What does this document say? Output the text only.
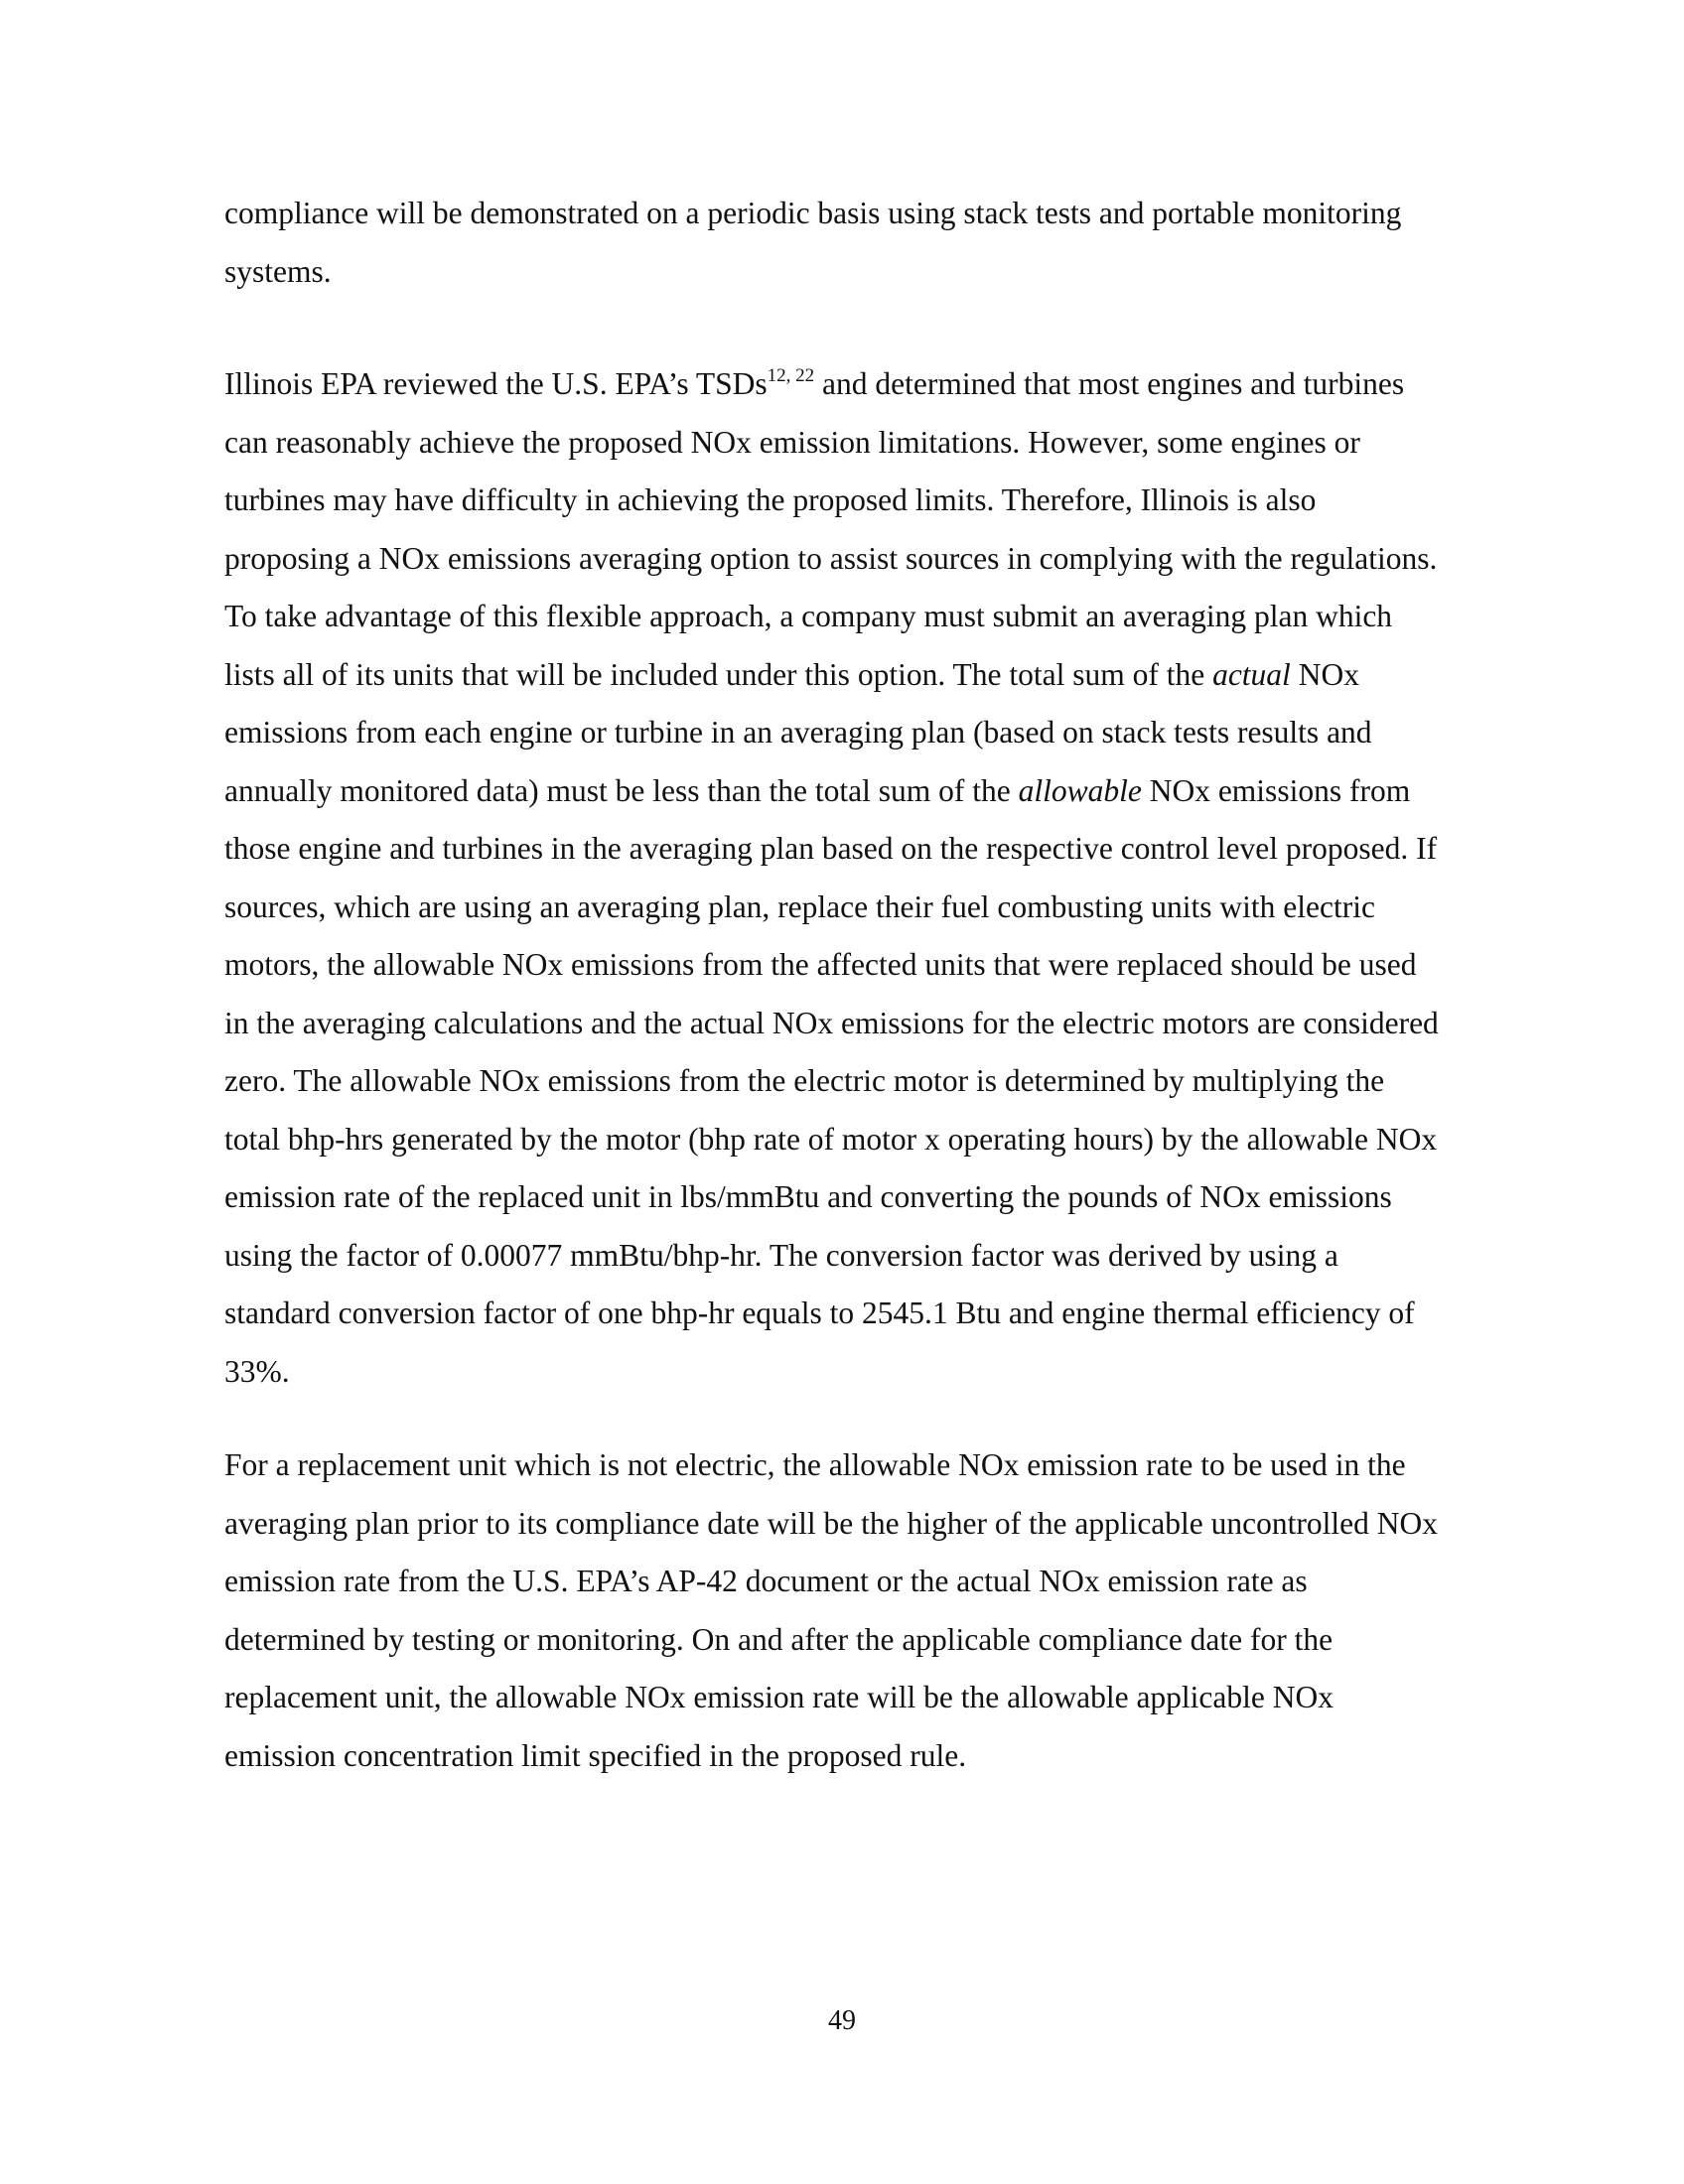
compliance will be demonstrated on a periodic basis using stack tests and portable monitoring
systems.

Illinois EPA reviewed the U.S. EPA’s TSDs$^{12, 22}$ and determined that most engines and turbines
can reasonably achieve the proposed NOx emission limitations. However, some engines or
turbines may have difficulty in achieving the proposed limits. Therefore, Illinois is also
proposing a NOx emissions averaging option to assist sources in complying with the regulations.
To take advantage of this flexible approach, a company must submit an averaging plan which
lists all of its units that will be included under this option. The total sum of the actual NOx
emissions from each engine or turbine in an averaging plan (based on stack tests results and
annually monitored data) must be less than the total sum of the allowable NOx emissions from
those engine and turbines in the averaging plan based on the respective control level proposed. If
sources, which are using an averaging plan, replace their fuel combusting units with electric
motors, the allowable NOx emissions from the affected units that were replaced should be used
in the averaging calculations and the actual NOx emissions for the electric motors are considered
zero. The allowable NOx emissions from the electric motor is determined by multiplying the
total bhp-hrs generated by the motor (bhp rate of motor x operating hours) by the allowable NOx
emission rate of the replaced unit in lbs/mmBtu and converting the pounds of NOx emissions
using the factor of 0.00077 mmBtu/bhp-hr. The conversion factor was derived by using a
standard conversion factor of one bhp-hr equals to 2545.1 Btu and engine thermal efficiency of
33%.

For a replacement unit which is not electric, the allowable NOx emission rate to be used in the
averaging plan prior to its compliance date will be the higher of the applicable uncontrolled NOx
emission rate from the U.S. EPA’s AP-42 document or the actual NOx emission rate as
determined by testing or monitoring. On and after the applicable compliance date for the
replacement unit, the allowable NOx emission rate will be the allowable applicable NOx
emission concentration limit specified in the proposed rule.

49
